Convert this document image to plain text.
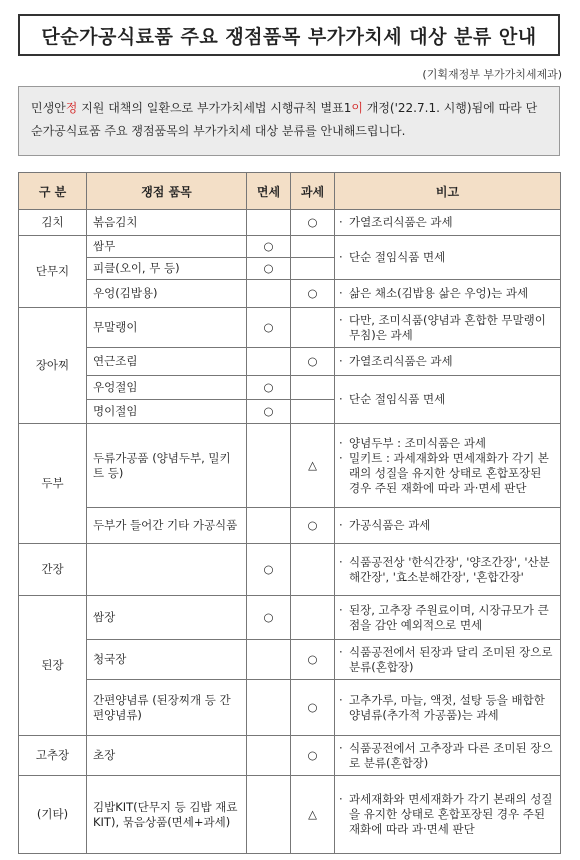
단순가공식료품 주요 쟁점품목 부가가치세 대상 분류 안내
(기획재정부 부가가치세제과)
민생안정 지원 대책의 일환으로 부가가치세법 시행규칙 별표1이 개정('22.7.1. 시행)됨에 따라 단순가공식료품 주요 쟁점품목의 부가가치세 대상 분류를 안내해드립니다.
구 분	쟁점 품목	면세	과세	비고
김치	볶음김치		○	· 가열조리식품은 과세

단무지	쌈무	○		· 단순 절임식품 면세

	피클(오이, 무 등)	○		
	우엉(김밥용)		○	· 삶은 채소(김밥용 삶은 우엉)는 과세

장아찌	무말랭이	○		· 다만, 조미식품(양념과 혼합한 무말랭이 무침)은 과세

	연근조림		○	· 가열조리식품은 과세

	우엉절임	○		· 단순 절임식품 면세

	명이절임	○		
두부	두류가공품 (양념두부, 밀키트 등)		△	· 양념두부 : 조미식품은 과세
· 밀키트 : 과세재화와 면세재화가 각기 본래의 성질을 유지한 상태로 혼합포장된 경우 주된 재화에 따라 과·면세 판단

	두부가 들어간 기타 가공식품		○	· 가공식품은 과세

간장		○		· 식품공전상 '한식간장', '양조간장', '산분해간장', '효소분해간장', '혼합간장'

된장	쌈장	○		· 된장, 고추장 주원료이며, 시장규모가 큰 점을 감안 예외적으로 면세

	청국장		○	· 식품공전에서 된장과 달리 조미된 장으로 분류(혼합장)

	간편양념류 (된장찌개 등 간편양념류)		○	· 고추가루, 마늘, 액젓, 설탕 등을 배합한 양념류(추가적 가공품)는 과세

고추장	초장		○	· 식품공전에서 고추장과 다른 조미된 장으로 분류(혼합장)

(기타)	김밥KIT(단무지 등 김밥 재료 KIT), 묶음상품(면세+과세)		△	· 과세재화와 면세재화가 각기 본래의 성질을 유지한 상태로 혼합포장된 경우 주된 재화에 따라 과·면세 판단
